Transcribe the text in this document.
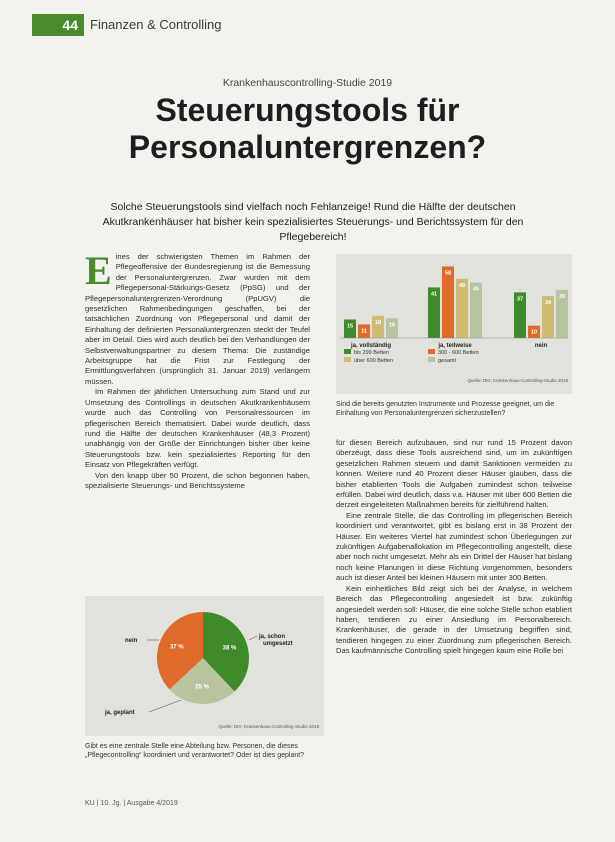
44 Finanzen & Controlling
Krankenhauscontrolling-Studie 2019
Steuerungstools für
Personaluntergrenzen?
Solche Steuerungstools sind vielfach noch Fehlanzeige! Rund die Hälfte der deutschen Akutkrankenhäuser hat bisher kein spezialisiertes Steuerungs- und Berichtssystem für den Pflegebereich!
E ines der schwierigsten Themen im Rahmen der Pflegeoffensive der Bundesregierung ist die Bemessung der Personaluntergrenzen. Zwar wurden mit dem Pflegepersonal-Stärkungs-Gesetz (PpSG) und der Pflegepersonaluntergrenzen-Verordnung (PpUGV) die gesetzlichen Rahmenbedingungen geschaffen, bei der tatsächlichen Zuordnung von Pflegepersonal und damit der Einhaltung der definierten Personaluntergrenzen steckt der Teufel aber im Detail. Dies wird auch deutlich bei den Verhandlungen der Selbstverwaltungspartner zu diesem Thema: Die zuständige Arbeitsgruppe hat die Frist zur Festlegung der Ermittlungsverfahren (ursprünglich 31. Januar 2019) verlängern müssen.

Im Rahmen der jährlichen Untersuchung zum Stand und zur Umsetzung des Controllings in deutschen Akutkrankenhäusern wurde auch das Controlling von Personalressourcen im pflegerischen Bereich thematisiert. Dabei wurde deutlich, dass rund die Hälfte der deutschen Krankenhäuser (48,3 Prozent) unabhängig von der Größe der Einrichtungen bisher über keine Steuerungstools bzw. kein spezialisiertes Reporting für den Einsatz von Pflegekräften verfügt.

Von den knapp über 50 Prozent, die schon begonnen haben, spezialisierte Steuerungs- und Berichtssysteme

15
11
18 16
ja, vollständig
41
58
48
45
ja, teilweise
37
10
34
39
nein
bis 299 Betten	300 - 600 Betten
über 600 Betten	gesamt
Quelle: DKI; Krankenhaus-Controlling-Studie 2019
Sind die bereits genutzten Instrumente und Prozesse geeignet, um die Einhaltung von Personaluntergrenzen sicherzustellen?
38 %
25 %
37 %
ja, schon
umgesetzt
ja, geplant
nein
Quelle: DKI; Krankenhaus-Controlling-Studie 2019
Gibt es eine zentrale Stelle eine Abteilung bzw. Personen, die dieses „Pflegecontrolling“ koordiniert und verantwortet? Oder ist dies geplant?

für diesen Bereich aufzubauen, sind nur rund 15 Prozent davon überzeugt, dass diese Tools ausreichend sind, um im zukünftigen gesetzlichen Rahmen steuern und damit Sanktionen vermeiden zu können. Weitere rund 40 Prozent dieser Häuser glauben, dass die bisher etablierten Tools die Aufgaben zumindest schon teilweise erfüllen. Dabei wird deutlich, dass v.a. Häuser mit über 600 Betten die derzeit eingeleiteten Maßnahmen bereits für zielführend halten.

Eine zentrale Stelle, die das Controlling im pflegerischen Bereich koordiniert und verantwortet, gibt es bislang erst in 38 Prozent der Häuser. Ein weiteres Viertel hat zumindest schon Überlegungen zur zukünftigen Aufgabenallokation im Pflegecontrolling angestellt, diese aber noch nicht umgesetzt. Mehr als ein Drittel der Häuser hat bislang noch keine Planungen in diese Richtung vorgenommen, besonders auch ist dieser Anteil bei kleinen Häusern mit unter 300 Betten.

Kein einheitliches Bild zeigt sich bei der Analyse, in welchem Bereich das Pflegecontrolling angesiedelt ist bzw. zukünftig angesiedelt werden soll: Häuser, die eine solche Stelle schon etabliert haben, tendieren zu einer Ansiedlung im Personalbereich. Krankenhäuser, die gerade in der Umsetzung begriffen sind, tendieren hingegen zu einer Zuordnung zum pflegerischen Bereich. Das kaufmännische Controlling spielt hingegen kaum eine Rolle bei

KU | 10. Jg. | Ausgabe 4/2019
